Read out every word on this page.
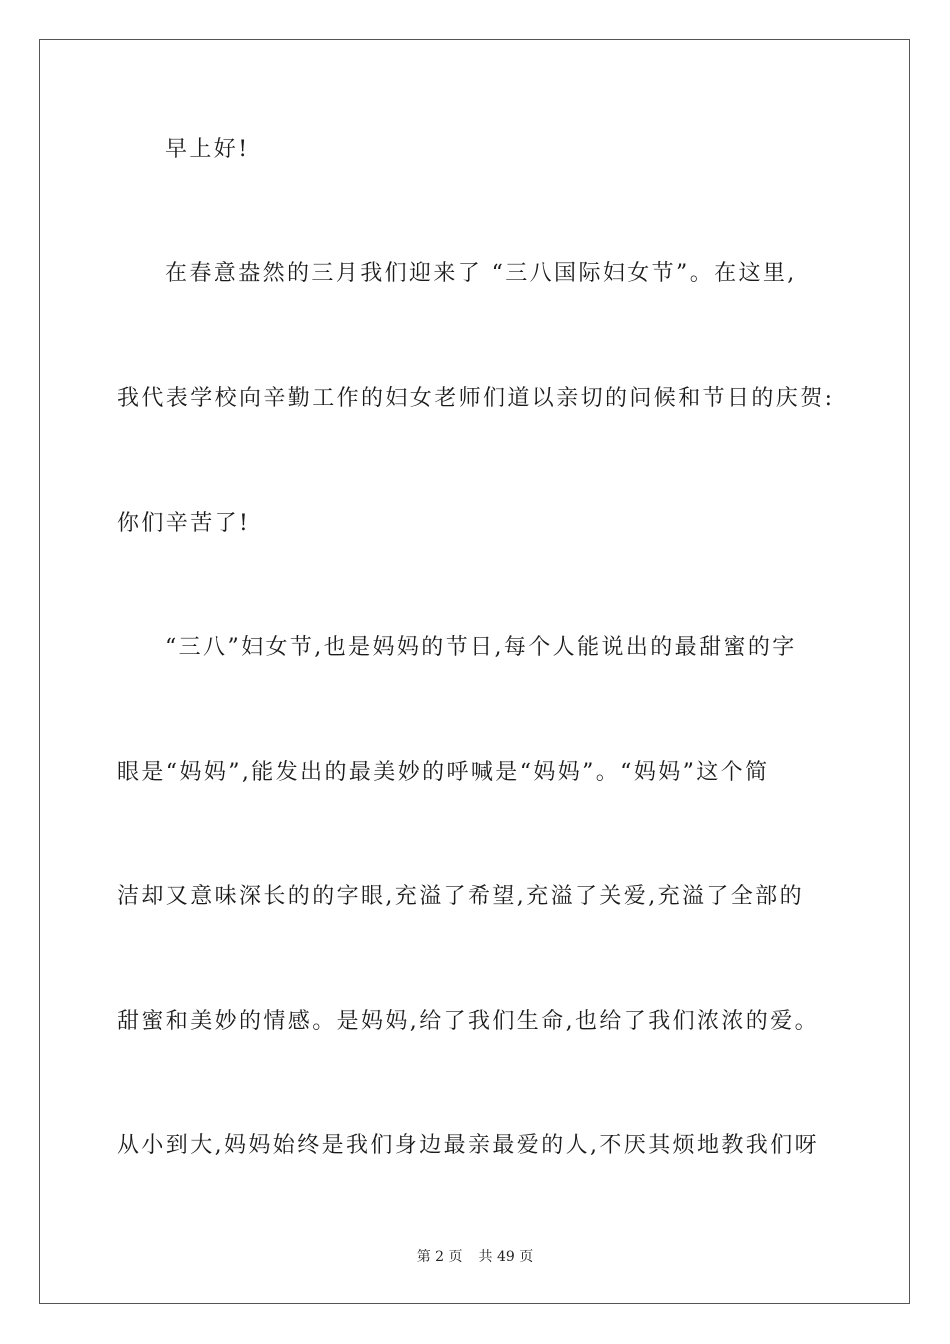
早上好!
在春意盎然的三月我们迎来了 “三八国际妇女节”。在这里,
我代表学校向辛勤工作的妇女老师们道以亲切的问候和节日的庆贺:
你们辛苦了!
“三八”妇女节,也是妈妈的节日,每个人能说出的最甜蜜的字
眼是“妈妈”,能发出的最美妙的呼喊是“妈妈”。“妈妈”这个简
洁却又意味深长的的字眼,充溢了希望,充溢了关爱,充溢了全部的
甜蜜和美妙的情感。是妈妈,给了我们生命,也给了我们浓浓的爱。
从小到大,妈妈始终是我们身边最亲最爱的人,不厌其烦地教我们呀
第 2 页 共 49 页
